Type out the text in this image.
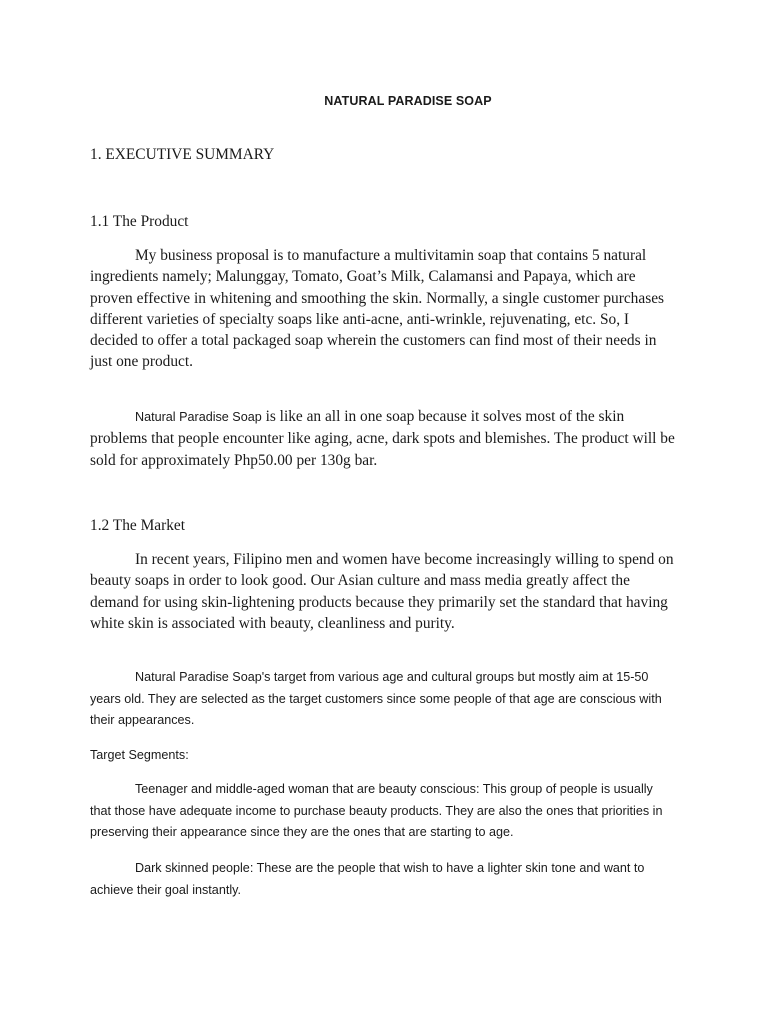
NATURAL PARADISE SOAP

1. EXECUTIVE SUMMARY

1.1 The Product

My business proposal is to manufacture a multivitamin soap that contains 5 natural ingredients namely; Malunggay, Tomato, Goat’s Milk, Calamansi and Papaya, which are proven effective in whitening and smoothing the skin. Normally, a single customer purchases different varieties of specialty soaps like anti-acne, anti-wrinkle, rejuvenating, etc. So, I decided to offer a total packaged soap wherein the customers can find most of their needs in just one product.

Natural Paradise Soap is like an all in one soap because it solves most of the skin problems that people encounter like aging, acne, dark spots and blemishes. The product will be sold for approximately Php50.00 per 130g bar.

1.2 The Market

In recent years, Filipino men and women have become increasingly willing to spend on beauty soaps in order to look good. Our Asian culture and mass media greatly affect the demand for using skin-lightening products because they primarily set the standard that having white skin is associated with beauty, cleanliness and purity.

Natural Paradise Soap's target from various age and cultural groups but mostly aim at 15-50 years old. They are selected as the target customers since some people of that age are conscious with their appearances.

Target Segments:

Teenager and middle-aged woman that are beauty conscious: This group of people is usually that those have adequate income to purchase beauty products. They are also the ones that priorities in preserving their appearance since they are the ones that are starting to age.

Dark skinned people: These are the people that wish to have a lighter skin tone and want to achieve their goal instantly.
